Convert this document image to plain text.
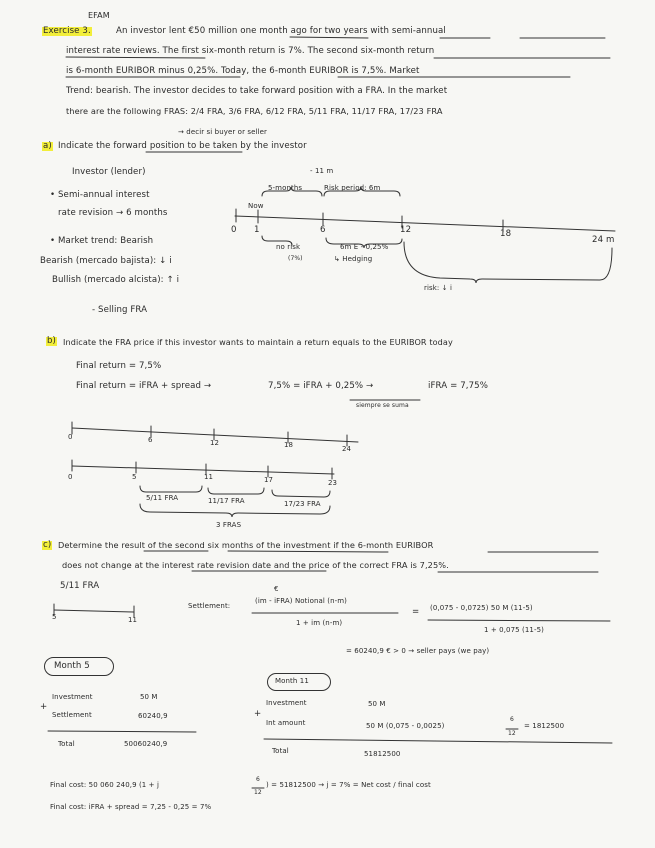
EFAM
Exercise 3.	An investor lent €50 million one month ago for two years with semi-annual
interest rate reviews. The first six-month return is 7%. The second six-month return
is 6-month EURIBOR minus 0,25%. Today, the 6-month EURIBOR is 7,5%. Market
Trend: bearish. The investor decides to take forward position with a FRA. In the market
there are the following FRAS: 2/4 FRA, 3/6 FRA, 6/12 FRA, 5/11 FRA, 11/17 FRA, 17/23 FRA
→ decir si buyer or seller
a) Indicate the forward position to be taken by the investor
Investor (lender)	- 11 m
• Semi-annual interest
rate revision → 6 months
5-months	Risk period: 6m
Now
0 1	6	12	18
24 m
• Market trend: Bearish
no risk
(7%)
6m E - 0,25%
↳ Hedging
Bearish (mercado bajista): ↓ i
Bullish (mercado alcista): ↑ i
risk: ↓ i
- Selling FRA
b) Indicate the FRA price if this investor wants to maintain a return equals to the EURIBOR today
Final return = 7,5%
Final return = iFRA + spread →	7,5% = iFRA + 0,25% →	iFRA = 7,75%
siempre se suma
0	6	12	18	24
0	5	11	17	23
5/11 FRA	11/17 FRA	17/23 FRA
3 FRAS
c) Determine the result of the second six months of the investment if the 6-month EURIBOR
does not change at the interest rate revision date and the price of the correct FRA is 7,25%.
5/11 FRA
5	11
Settlement:
€
(im - iFRA) Notional (n-m)
1 + im (n-m)
= (0,075 - 0,0725) 50 M (11-5)
1 + 0,075 (11-5)
= 60240,9 € > 0 → seller pays (we pay)
Month 5
Investment	50 M
+
Settlement	60240,9
Total	50060240,9
Month 11
Investment	50 M
+
Int amount	50 M (0,075 - 0,0025)
6
12
= 1812500
Total	51812500
Final cost: 50 060 240,9 (1 + j
6
12
) = 51812500 → j = 7% = Net cost / final cost
Final cost: iFRA + spread = 7,25 - 0,25 = 7%
